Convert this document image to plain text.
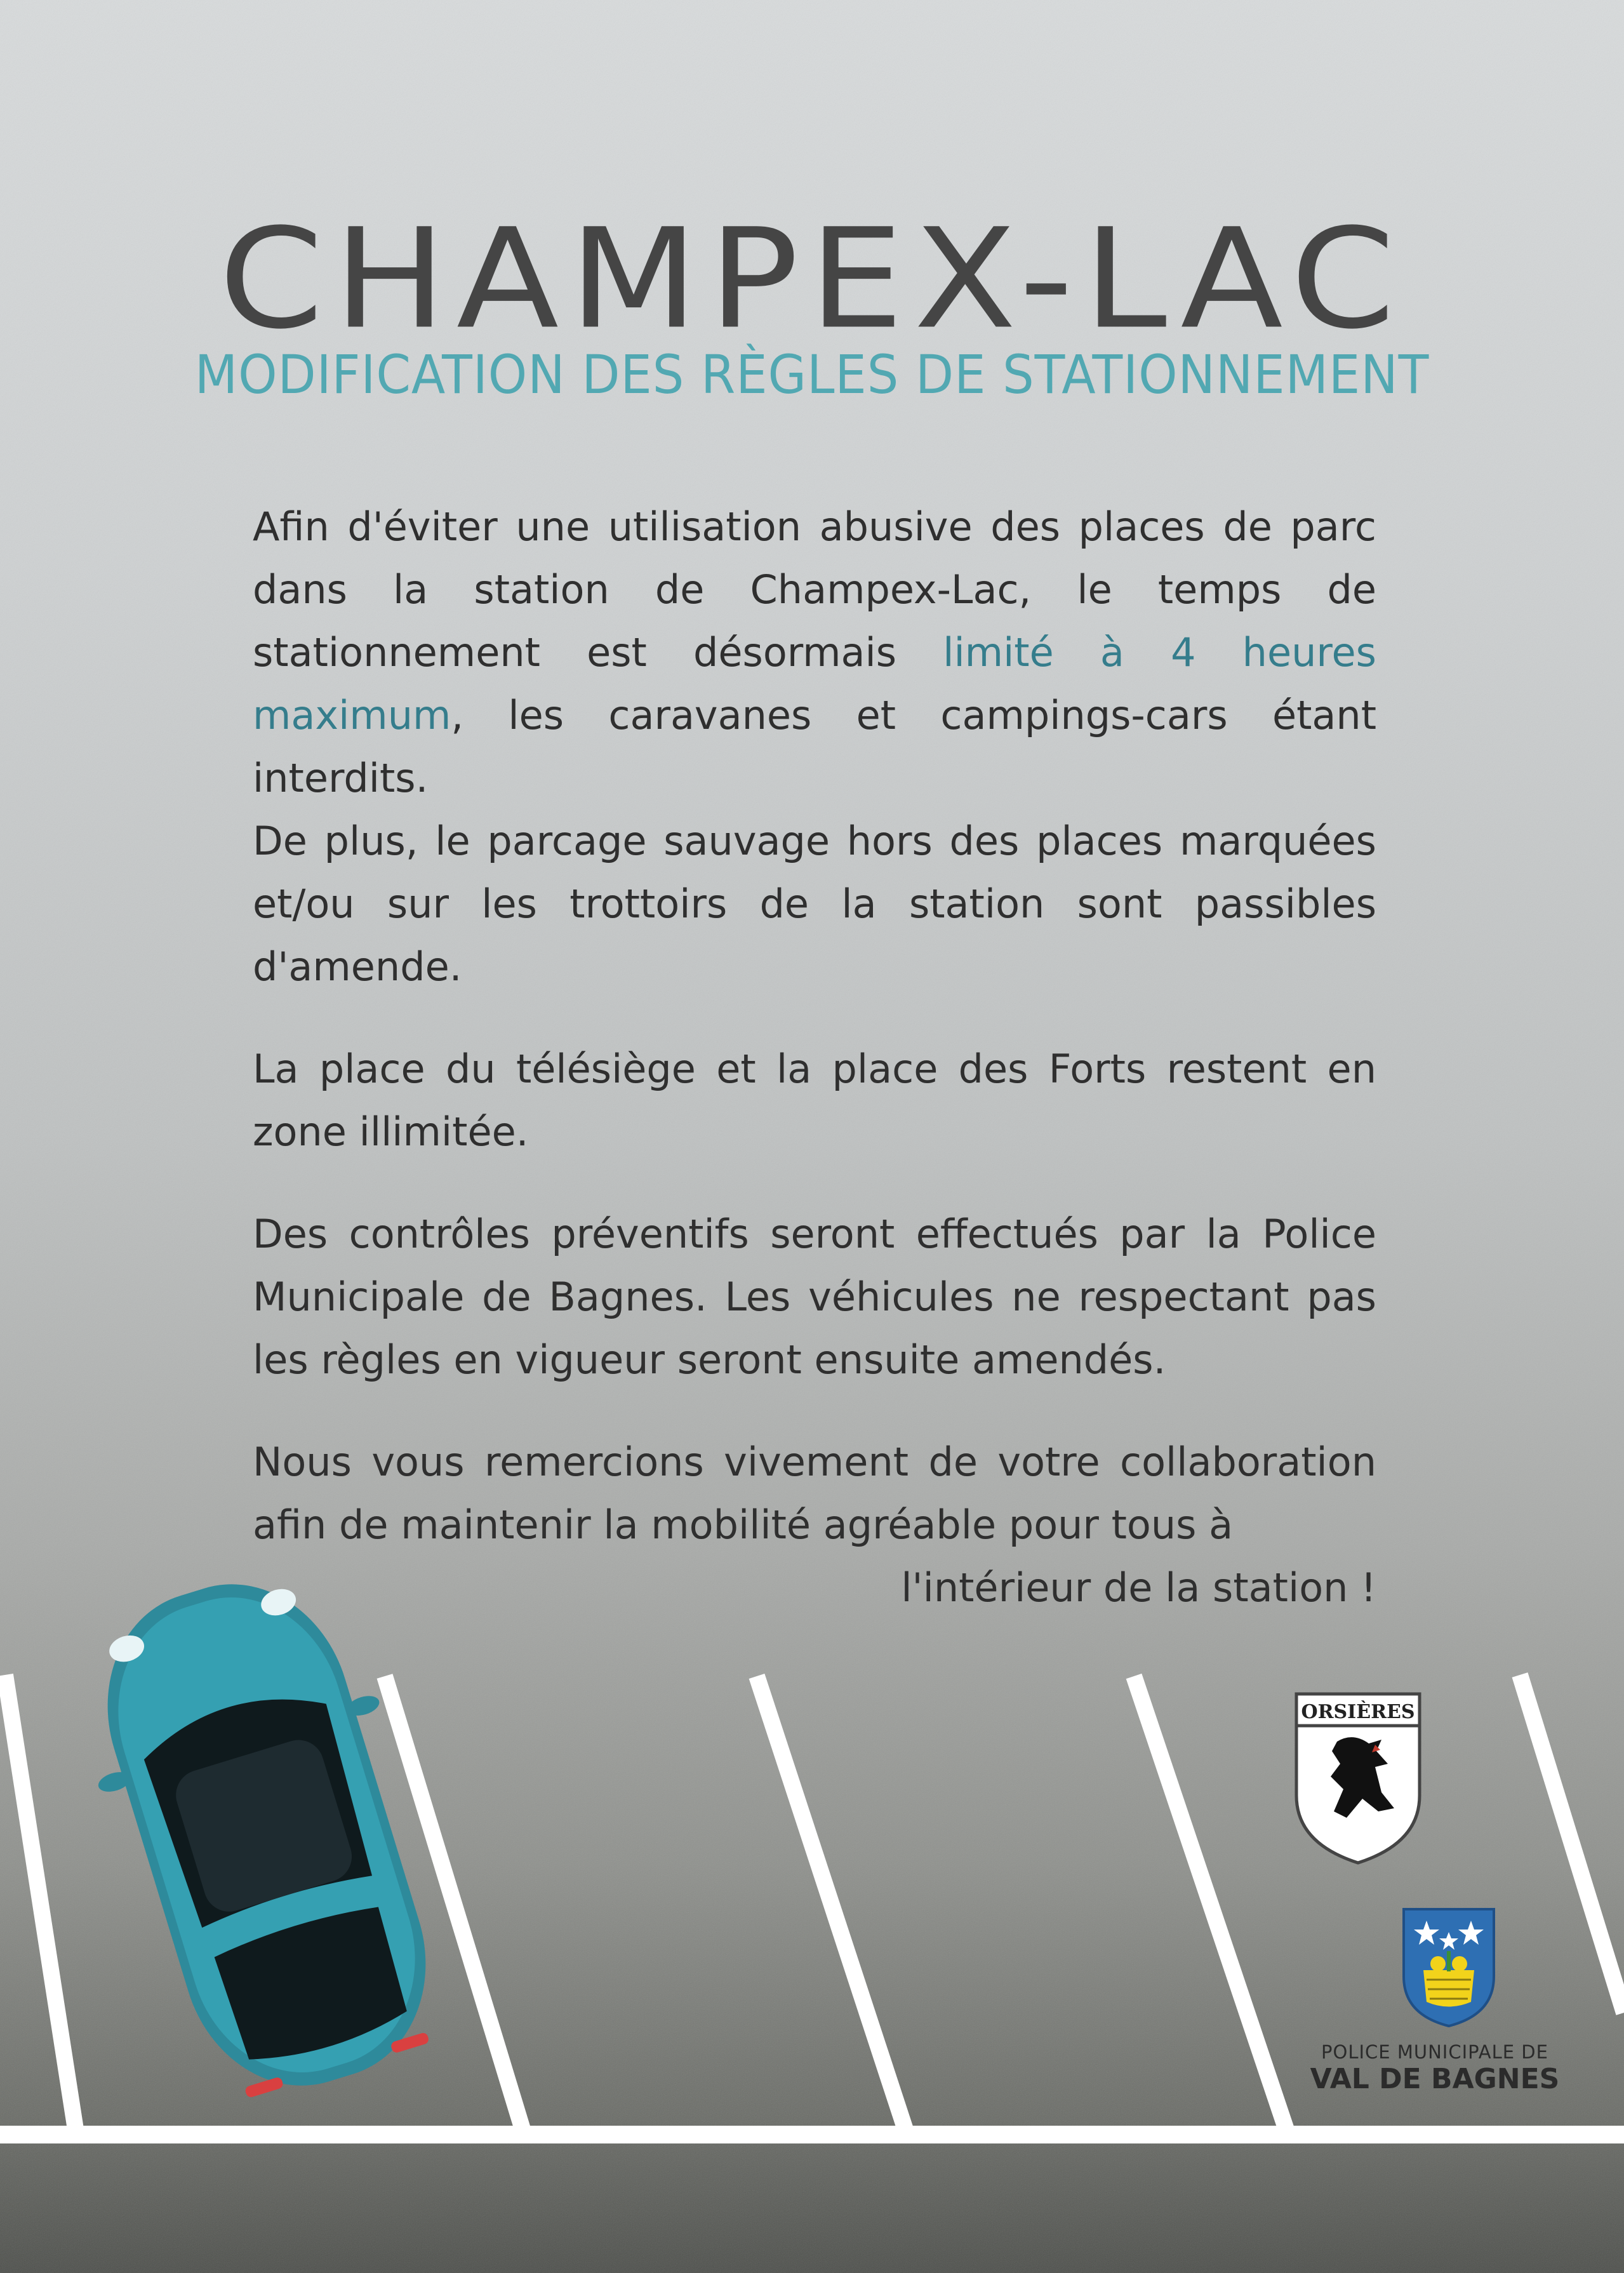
CHAMPEX-LAC
MODIFICATION DES RÈGLES DE STATIONNEMENT

Afin d'éviter une utilisation abusive des places de parc dans la station de Champex-Lac, le temps de stationnement est désormais limité à 4 heures maximum, les caravanes et campings-cars étant interdits.

De plus, le parcage sauvage hors des places marquées et/ou sur les trottoirs de la station sont passibles d'amende.

La place du télésiège et la place des Forts restent en zone illimitée.

Des contrôles préventifs seront effectués par la Police Municipale de Bagnes. Les véhicules ne respectant pas les règles en vigueur seront ensuite amendés.

Nous vous remercions vivement de votre collaboration afin de maintenir la mobilité agréable pour tous à
l'intérieur de la station !

ORSIÈRES
POLICE MUNICIPALE DE
VAL DE BAGNES
